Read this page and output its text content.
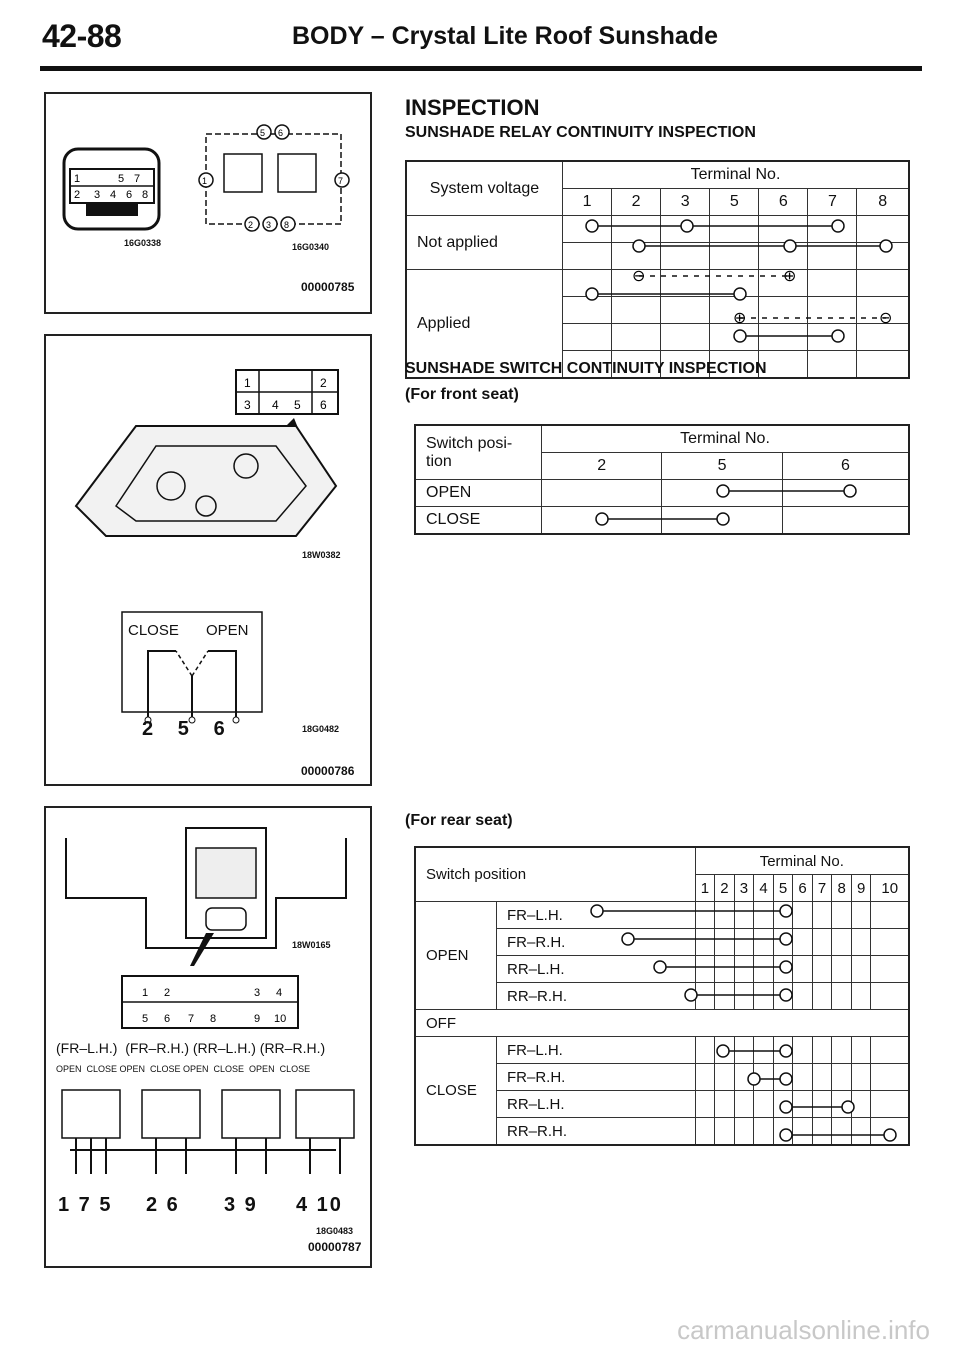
42-88	BODY – Crystal Lite Roof Sunshade
1	5 7
2 3 4 6 8
5 6
1	7
2 3 8
16G0338	16G0340
00000785
1	2
3 4 5 6
18W0382
CLOSE OPEN
2   5   6	18G0482
00000786
1 2	3 4
5 6 7 8	9 10
18W0165
(FR–L.H.)  (FR–R.H.) (RR–L.H.) (RR–R.H.)
OPEN  CLOSE OPEN  CLOSE OPEN  CLOSE  OPEN  CLOSE
1 7 5 2 6 3 9 4 10
18G0483
00000787
INSPECTION
SUNSHADE RELAY CONTINUITY INSPECTION
System voltage	Terminal No.						
	1	2	3	5	6	7	8
Not applied							

Applied							

⊖	⊕
⊕	⊖
SUNSHADE SWITCH CONTINUITY INSPECTION
(For front seat)
Switch posi-
tion	Terminal No.		
	2	5	6
OPEN			
CLOSE			
(For rear seat)
Switch position		Terminal No.									
		1	2	3	4	5	6	7	8	9	10
OPEN	FR–L.H.										
	FR–R.H.										
	RR–L.H.										
	RR–R.H.										
OFF											
CLOSE	FR–L.H.										
	FR–R.H.										
	RR–L.H.										
	RR–R.H.										
carmanualsonline.info
